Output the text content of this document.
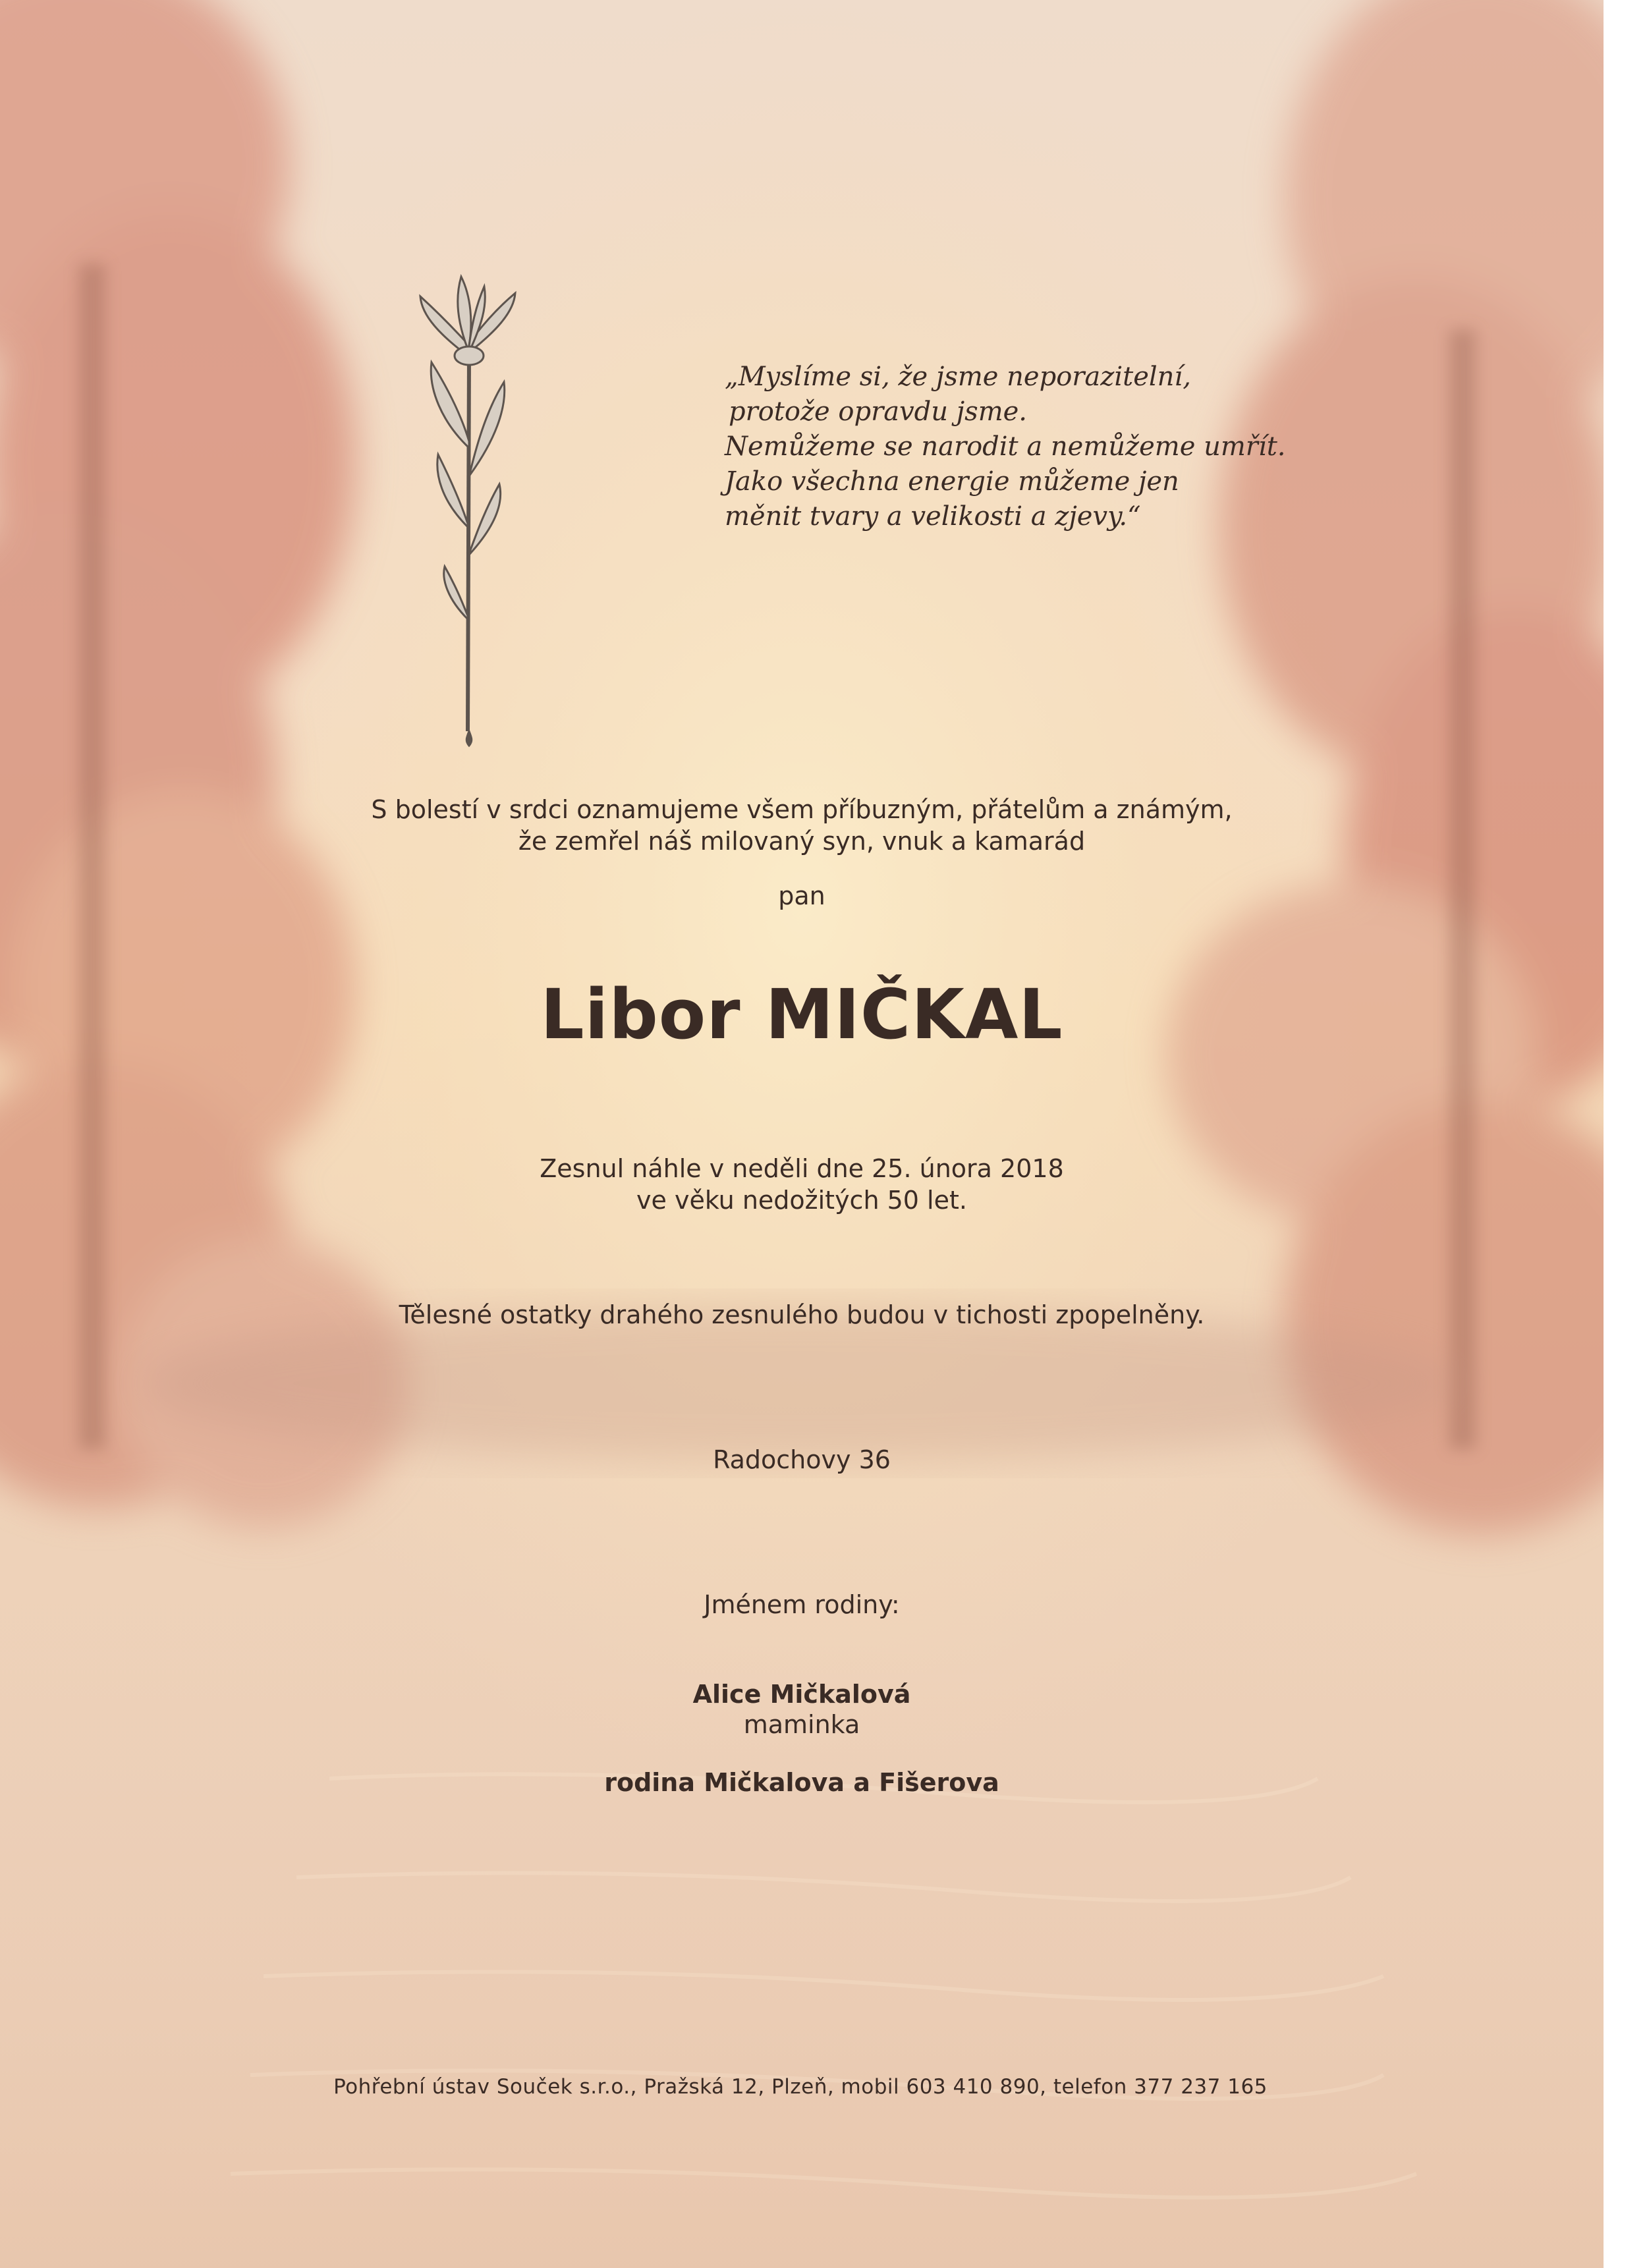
„Myslíme si, že jsme neporazitelní,
protože opravdu jsme.
Nemůžeme se narodit a nemůžeme umřít.
Jako všechna energie můžeme jen
měnit tvary a velikosti a zjevy.“

S bolestí v srdci oznamujeme všem příbuzným, přátelům a známým,
že zemřel náš milovaný syn, vnuk a kamarád

pan

Libor MIČKAL

Zesnul náhle v neděli dne 25. února 2018
ve věku nedožitých 50 let.

Tělesné ostatky drahého zesnulého budou v tichosti zpopelněny.

Radochovy 36

Jménem rodiny:

Alice Mičkalová

maminka

rodina Mičkalova a Fišerova

Pohřební ústav Souček s.r.o., Pražská 12, Plzeň, mobil 603 410 890, telefon 377 237 165
